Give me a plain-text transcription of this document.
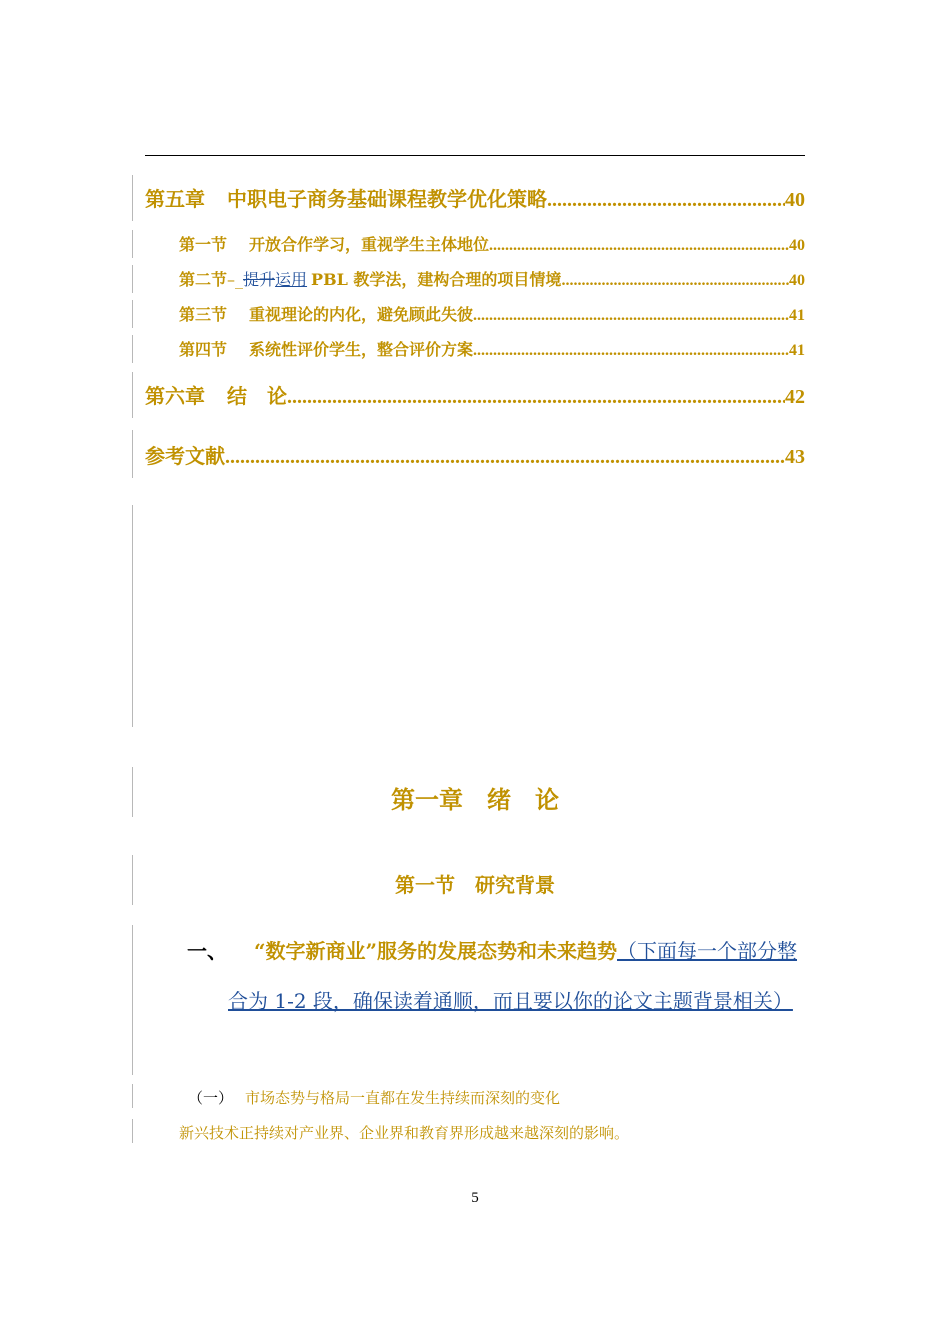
第五章 中职电子商务基础课程教学优化策略 .....	40
第一节 开放合作学习，重视学生主体地位 .....	40
第二节–_提升运用 PBL 教学法，建构合理的项目情境 .....	40
第三节 重视理论的内化，避免顾此失彼 .....	41
第四节 系统性评价学生，整合评价方案 .....	41
第六章 结　论 .....	42
参考文献 .....	43
第一章　绪　论
第一节　研究背景
一、 “数字新商业”服务的发展态势和未来趋势（下面每一个部分整合为 1-2 段，确保读着通顺，而且要以你的论文主题背景相关）
（一） 市场态势与格局一直都在发生持续而深刻的变化
新兴技术正持续对产业界、企业界和教育界形成越来越深刻的影响。
5
